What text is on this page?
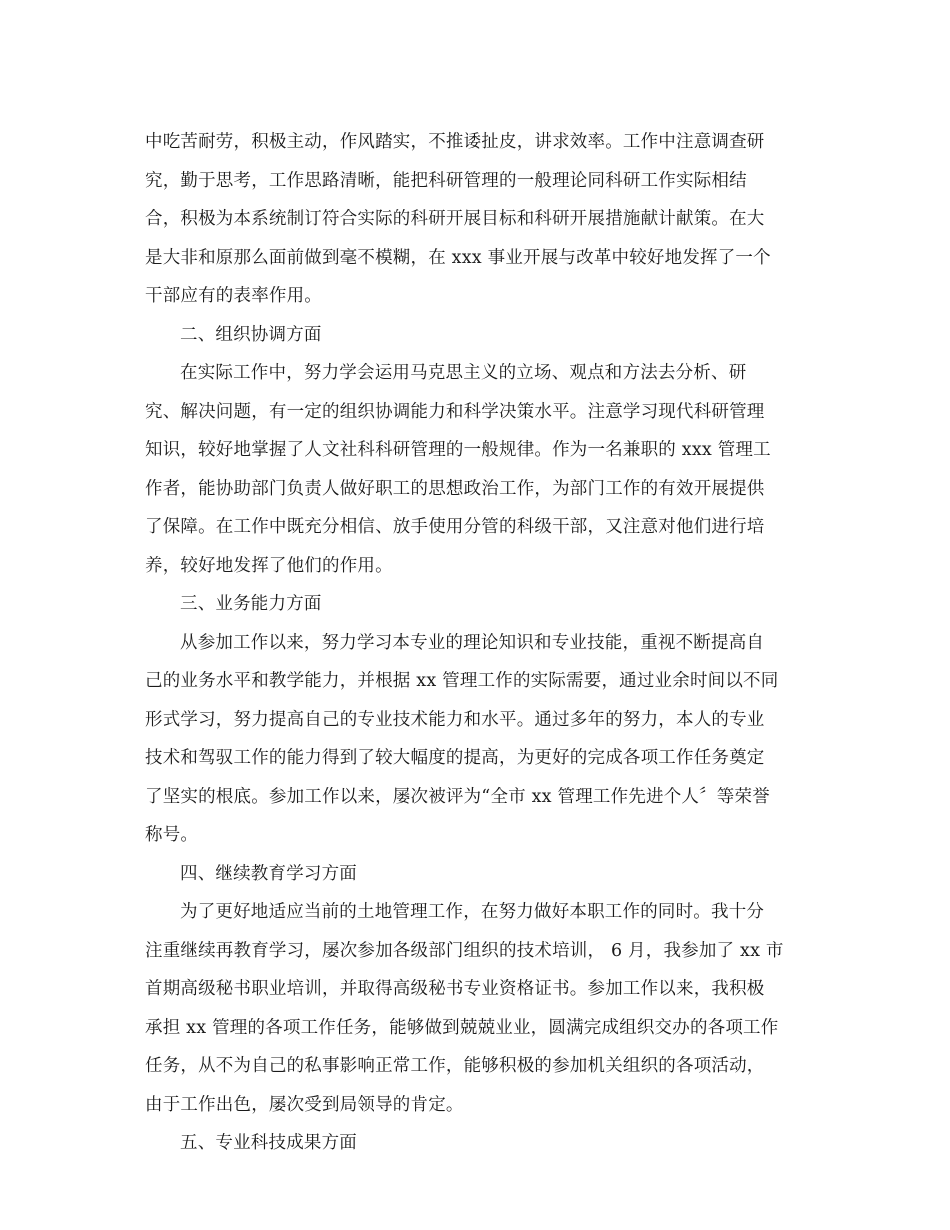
中吃苦耐劳，积极主动，作风踏实，不推诿扯皮，讲求效率。工作中注意调查研
究，勤于思考，工作思路清晰，能把科研管理的一般理论同科研工作实际相结
合，积极为本系统制订符合实际的科研开展目标和科研开展措施献计献策。在大
是大非和原那么面前做到毫不模糊，在 xxx 事业开展与改革中较好地发挥了一个
干部应有的表率作用。
二、组织协调方面
在实际工作中，努力学会运用马克思主义的立场、观点和方法去分析、研
究、解决问题，有一定的组织协调能力和科学决策水平。注意学习现代科研管理
知识，较好地掌握了人文社科科研管理的一般规律。作为一名兼职的 xxx 管理工
作者，能协助部门负责人做好职工的思想政治工作，为部门工作的有效开展提供
了保障。在工作中既充分相信、放手使用分管的科级干部，又注意对他们进行培
养，较好地发挥了他们的作用。
三、业务能力方面
从参加工作以来，努力学习本专业的理论知识和专业技能，重视不断提高自
己的业务水平和教学能力，并根据 xx 管理工作的实际需要，通过业余时间以不同
形式学习，努力提高自己的专业技术能力和水平。通过多年的努力，本人的专业
技术和驾驭工作的能力得到了较大幅度的提高，为更好的完成各项工作任务奠定
了坚实的根底。参加工作以来，屡次被评为“全市 xx 管理工作先进个人〞等荣誉
称号。
四、继续教育学习方面
为了更好地适应当前的土地管理工作，在努力做好本职工作的同时。我十分
注重继续再教育学习，屡次参加各级部门组织的技术培训， 6 月，我参加了 xx 市
首期高级秘书职业培训，并取得高级秘书专业资格证书。参加工作以来，我积极
承担 xx 管理的各项工作任务，能够做到兢兢业业，圆满完成组织交办的各项工作
任务，从不为自己的私事影响正常工作，能够积极的参加机关组织的各项活动，
由于工作出色，屡次受到局领导的肯定。
五、专业科技成果方面
